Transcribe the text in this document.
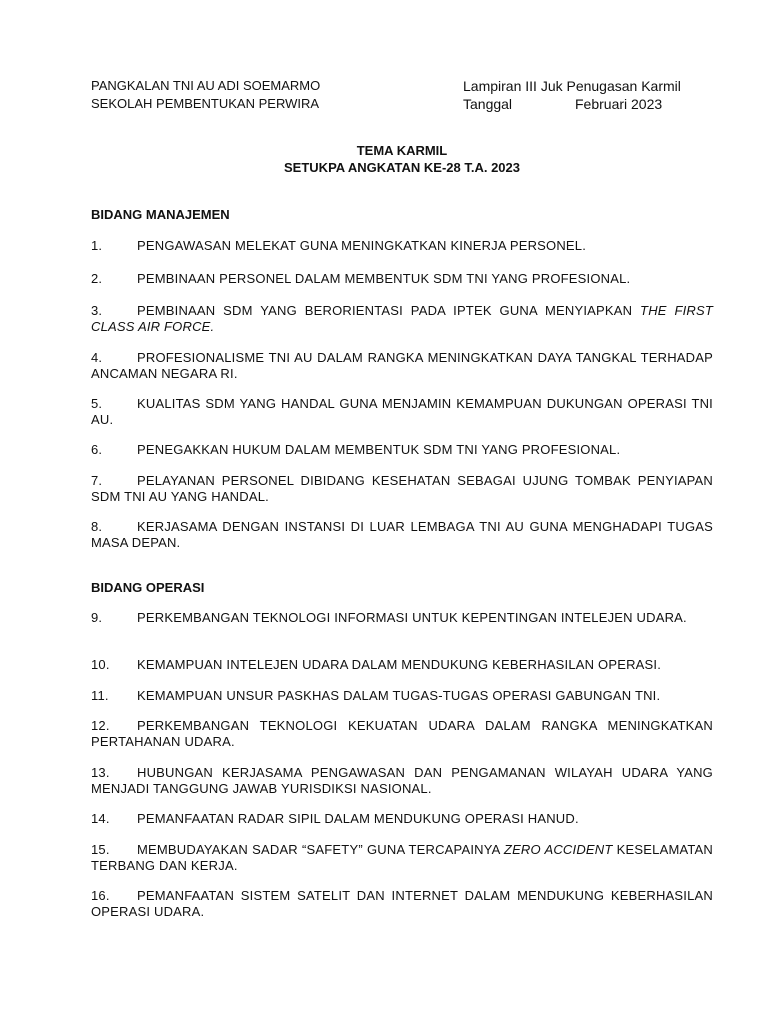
PANGKALAN TNI AU ADI SOEMARMO
SEKOLAH PEMBENTUKAN PERWIRA
Lampiran III Juk Penugasan Karmil
Tanggal	Februari 2023
TEMA KARMIL
SETUKPA ANGKATAN KE-28 T.A. 2023
BIDANG MANAJEMEN
1.	PENGAWASAN MELEKAT GUNA MENINGKATKAN KINERJA PERSONEL.
2.	PEMBINAAN PERSONEL DALAM MEMBENTUK SDM TNI YANG PROFESIONAL.
3.	PEMBINAAN SDM YANG BERORIENTASI PADA IPTEK GUNA MENYIAPKAN THE FIRST CLASS AIR FORCE.
4.	PROFESIONALISME TNI AU DALAM RANGKA MENINGKATKAN DAYA TANGKAL TERHADAP ANCAMAN NEGARA RI.
5.	KUALITAS SDM YANG HANDAL GUNA MENJAMIN KEMAMPUAN DUKUNGAN OPERASI TNI AU.
6.	PENEGAKKAN HUKUM DALAM MEMBENTUK SDM TNI YANG PROFESIONAL.
7.	PELAYANAN PERSONEL DIBIDANG KESEHATAN SEBAGAI UJUNG TOMBAK PENYIAPAN SDM TNI AU YANG HANDAL.
8.	KERJASAMA DENGAN INSTANSI DI LUAR LEMBAGA TNI AU GUNA MENGHADAPI TUGAS MASA DEPAN.
BIDANG OPERASI
9.	PERKEMBANGAN TEKNOLOGI INFORMASI UNTUK KEPENTINGAN INTELEJEN UDARA.
10. KEMAMPUAN INTELEJEN UDARA DALAM MENDUKUNG KEBERHASILAN OPERASI.
11. KEMAMPUAN UNSUR PASKHAS DALAM TUGAS-TUGAS OPERASI GABUNGAN TNI.
12. PERKEMBANGAN TEKNOLOGI KEKUATAN UDARA DALAM RANGKA MENINGKATKAN PERTAHANAN UDARA.
13. HUBUNGAN KERJASAMA PENGAWASAN DAN PENGAMANAN WILAYAH UDARA YANG MENJADI TANGGUNG JAWAB YURISDIKSI NASIONAL.
14. PEMANFAATAN RADAR SIPIL DALAM MENDUKUNG OPERASI HANUD.
15. MEMBUDAYAKAN SADAR “SAFETY” GUNA TERCAPAINYA ZERO ACCIDENT KESELAMATAN TERBANG DAN KERJA.
16. PEMANFAATAN SISTEM SATELIT DAN INTERNET DALAM MENDUKUNG KEBERHASILAN OPERASI UDARA.
